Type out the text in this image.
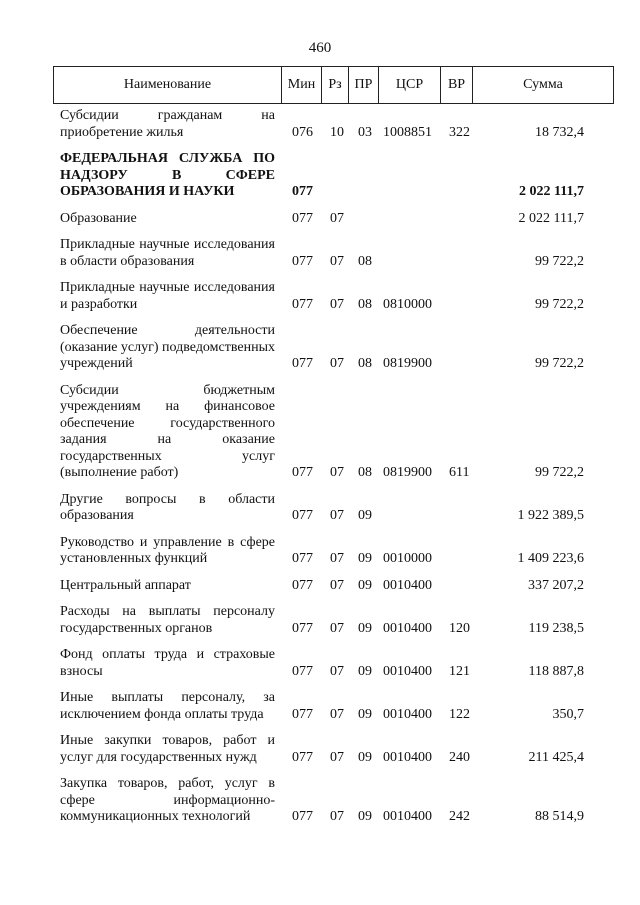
460
Наименование	Мин Рз ПР	ЦСР	ВР	Сумма
Субсидии гражданам на приобретение жилья	076 10 03 1008851 322	18 732,4
ФЕДЕРАЛЬНАЯ СЛУЖБА ПО НАДЗОРУ В СФЕРЕ ОБРАЗОВАНИЯ И НАУКИ	077	2 022 111,7
Образование	077 07	2 022 111,7
Прикладные научные исследования в области образования	077 07 08	99 722,2
Прикладные научные исследования и разработки	077 07 08 0810000	99 722,2
Обеспечение деятельности (оказание услуг) подведомственных учреждений	077 07 08 0819900	99 722,2
Субсидии бюджетным учреждениям на финансовое обеспечение государственного задания на оказание государственных услуг (выполнение работ)	077 07 08 0819900 611	99 722,2
Другие вопросы в области образования	077 07 09	1 922 389,5
Руководство и управление в сфере установленных функций	077 07 09 0010000	1 409 223,6
Центральный аппарат	077 07 09 0010400	337 207,2
Расходы на выплаты персоналу государственных органов	077 07 09 0010400 120	119 238,5
Фонд оплаты труда и страховые взносы	077 07 09 0010400 121	118 887,8
Иные выплаты персоналу, за исключением фонда оплаты труда	077 07 09 0010400 122	350,7
Иные закупки товаров, работ и услуг для государственных нужд	077 07 09 0010400 240	211 425,4
Закупка товаров, работ, услуг в сфере информационно-коммуникационных технологий	077 07 09 0010400 242	88 514,9
